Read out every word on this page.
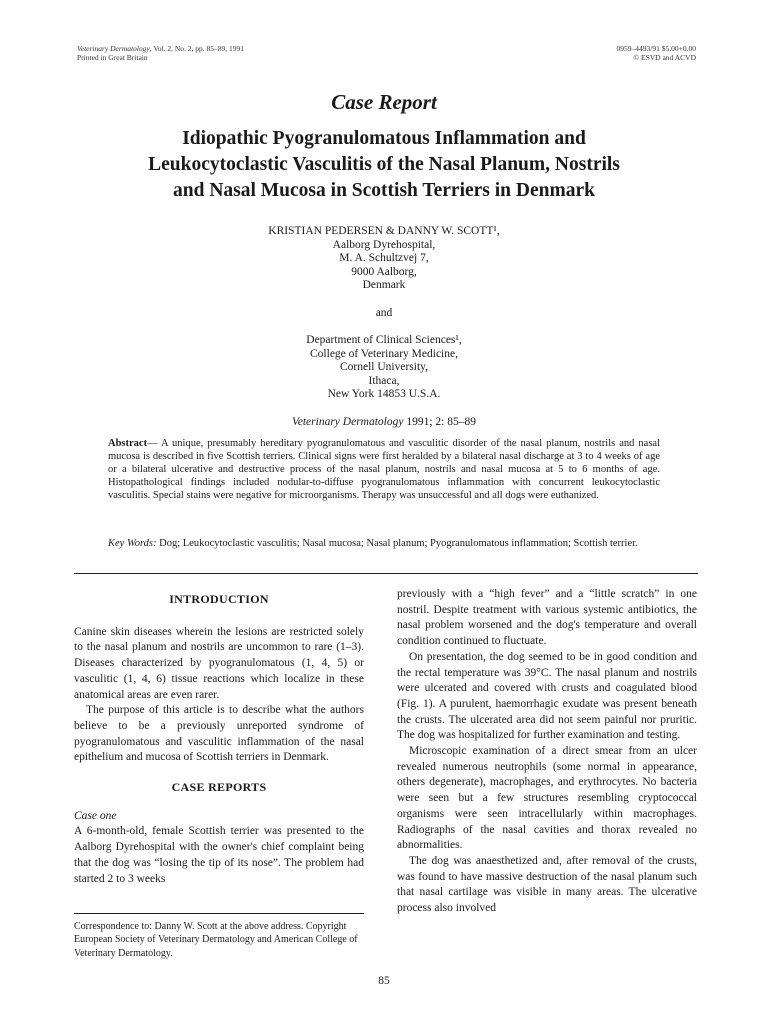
Veterinary Dermatology, Vol. 2, No. 2, pp. 85–89, 1991
Printed in Great Britain
0959–4493/91 $5.00+0.00
© ESVD and ACVD
Case Report
Idiopathic Pyogranulomatous Inflammation and
Leukocytoclastic Vasculitis of the Nasal Planum, Nostrils
and Nasal Mucosa in Scottish Terriers in Denmark
KRISTIAN PEDERSEN & DANNY W. SCOTT¹,
Aalborg Dyrehospital,
M. A. Schultzvej 7,
9000 Aalborg,
Denmark
and
Department of Clinical Sciences¹,
College of Veterinary Medicine,
Cornell University,
Ithaca,
New York 14853 U.S.A.
Veterinary Dermatology 1991; 2: 85–89
Abstract— A unique, presumably hereditary pyogranulomatous and vasculitic disorder of the nasal planum, nostrils and nasal mucosa is described in five Scottish terriers. Clinical signs were first heralded by a bilateral nasal discharge at 3 to 4 weeks of age or a bilateral ulcerative and destructive process of the nasal planum, nostrils and nasal mucosa at 5 to 6 months of age. Histopathological findings included nodular-to-diffuse pyogranulomatous inflammation with concurrent leukocytoclastic vasculitis. Special stains were negative for microorganisms. Therapy was unsuccessful and all dogs were euthanized.
Key Words: Dog; Leukocytoclastic vasculitis; Nasal mucosa; Nasal planum; Pyogranulomatous inflammation; Scottish terrier.
INTRODUCTION

Canine skin diseases wherein the lesions are restricted solely to the nasal planum and nostrils are uncommon to rare (1–3). Diseases characterized by pyogranulomatous (1, 4, 5) or vasculitic (1, 4, 6) tissue reactions which localize in these anatomical areas are even rarer.

The purpose of this article is to describe what the authors believe to be a previously unreported syndrome of pyogranulomatous and vasculitic inflammation of the nasal epithelium and mucosa of Scottish terriers in Denmark.

CASE REPORTS
Case one

A 6-month-old, female Scottish terrier was presented to the Aalborg Dyrehospital with the owner's chief complaint being that the dog was “losing the tip of its nose”. The problem had started 2 to 3 weeks

Correspondence to: Danny W. Scott at the above address. Copyright European Society of Veterinary Dermatology and American College of Veterinary Dermatology.

previously with a “high fever” and a “little scratch” in one nostril. Despite treatment with various systemic antibiotics, the nasal problem worsened and the dog's temperature and overall condition continued to fluctuate.

On presentation, the dog seemed to be in good condition and the rectal temperature was 39°C. The nasal planum and nostrils were ulcerated and covered with crusts and coagulated blood (Fig. 1). A purulent, haemorrhagic exudate was present beneath the crusts. The ulcerated area did not seem painful nor pruritic. The dog was hospitalized for further examination and testing.

Microscopic examination of a direct smear from an ulcer revealed numerous neutrophils (some normal in appearance, others degenerate), macrophages, and erythrocytes. No bacteria were seen but a few structures resembling cryptococcal organisms were seen intracellularly within macrophages. Radiographs of the nasal cavities and thorax revealed no abnormalities.

The dog was anaesthetized and, after removal of the crusts, was found to have massive destruction of the nasal planum such that nasal cartilage was visible in many areas. The ulcerative process also involved

85
